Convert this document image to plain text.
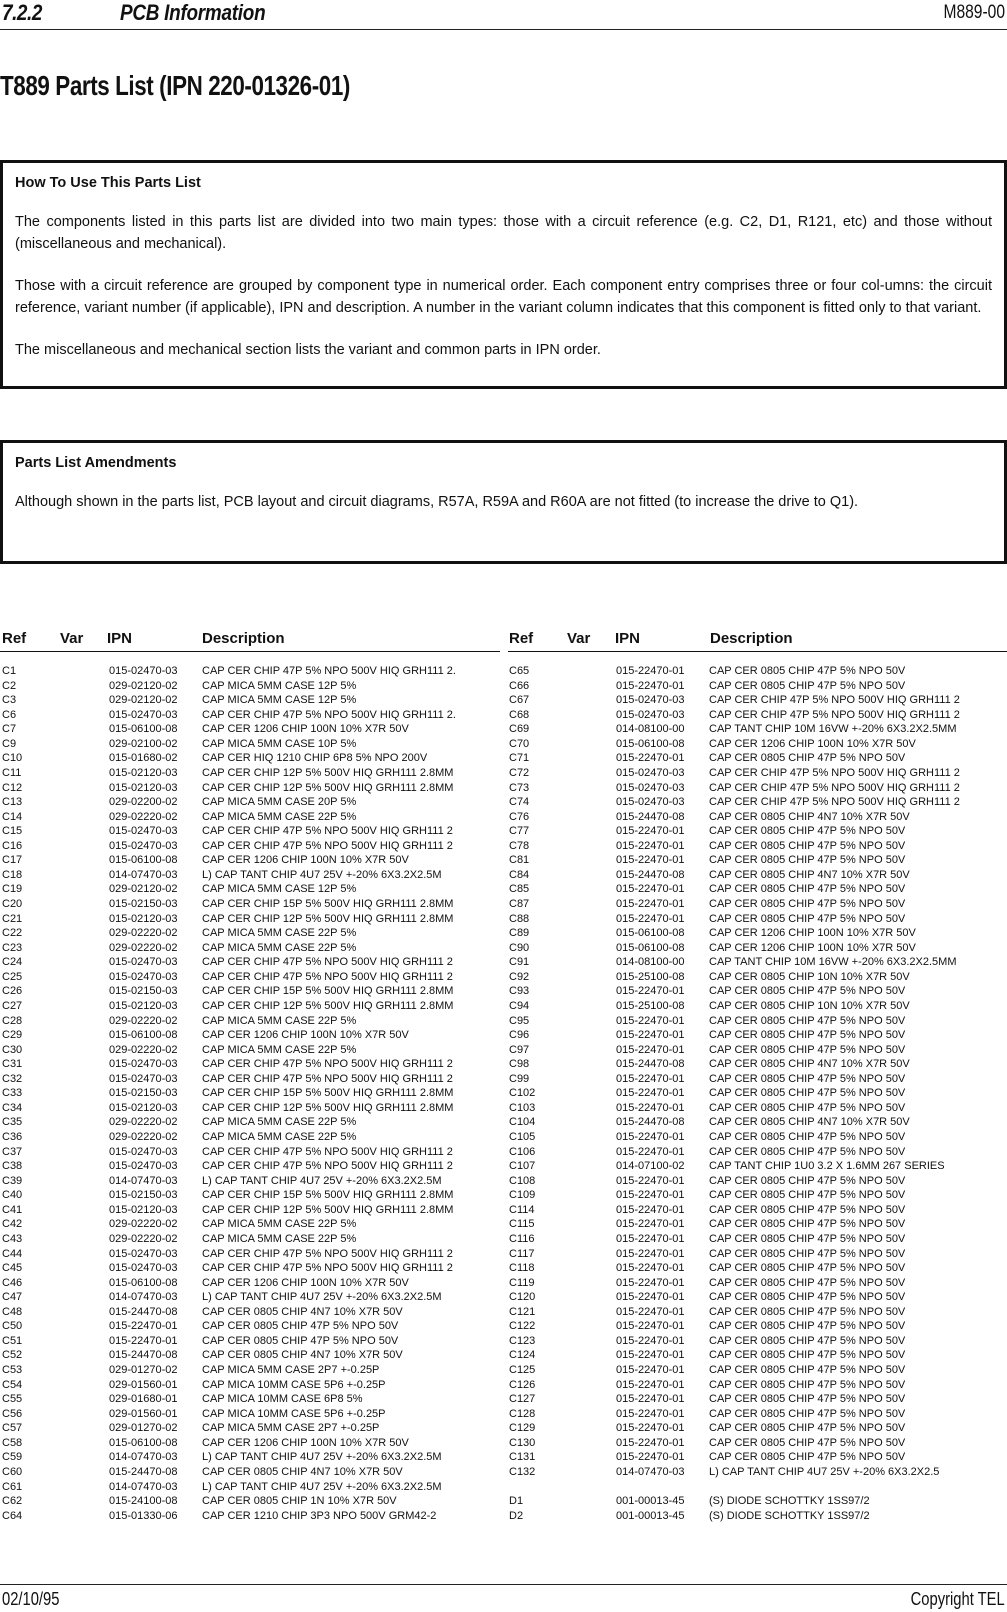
7.2.2	PCB Information	M889-00
T889 Parts List (IPN 220-01326-01)
How To Use This Parts List
The components listed in this parts list are divided into two main types: those with a circuit reference (e.g. C2, D1, R121, etc) and those without (miscellaneous and mechanical).
Those with a circuit reference are grouped by component type in numerical order. Each component entry comprises three or four col-umns: the circuit reference, variant number (if applicable), IPN and description. A number in the variant column indicates that this component is fitted only to that variant.
The miscellaneous and mechanical section lists the variant and common parts in IPN order.
Parts List Amendments
Although shown in the parts list, PCB layout and circuit diagrams, R57A, R59A and R60A are not fitted (to increase the drive to Q1).
Ref Var IPN	Description	Ref Var IPN	Description
C1	015-02470-03 CAP CER CHIP 47P 5% NPO 500V HIQ GRH111 2.
C2	029-02120-02 CAP MICA 5MM CASE 12P 5%
C3	029-02120-02 CAP MICA 5MM CASE 12P 5%
C6	015-02470-03 CAP CER CHIP 47P 5% NPO 500V HIQ GRH111 2.
C7	015-06100-08 CAP CER 1206 CHIP 100N 10% X7R 50V
C9	029-02100-02 CAP MICA 5MM CASE 10P 5%
C10	015-01680-02 CAP CER HIQ 1210 CHIP 6P8 5% NPO 200V
C11	015-02120-03 CAP CER CHIP 12P 5% 500V HIQ GRH111 2.8MM
C12	015-02120-03 CAP CER CHIP 12P 5% 500V HIQ GRH111 2.8MM
C13	029-02200-02 CAP MICA 5MM CASE 20P 5%
C14	029-02220-02 CAP MICA 5MM CASE 22P 5%
C15	015-02470-03 CAP CER CHIP 47P 5% NPO 500V HIQ GRH111 2
C16	015-02470-03 CAP CER CHIP 47P 5% NPO 500V HIQ GRH111 2
C17	015-06100-08 CAP CER 1206 CHIP 100N 10% X7R 50V
C18	014-07470-03 L) CAP TANT CHIP 4U7 25V +-20% 6X3.2X2.5M
C19	029-02120-02 CAP MICA 5MM CASE 12P 5%
C20	015-02150-03 CAP CER CHIP 15P 5% 500V HIQ GRH111 2.8MM
C21	015-02120-03 CAP CER CHIP 12P 5% 500V HIQ GRH111 2.8MM
C22	029-02220-02 CAP MICA 5MM CASE 22P 5%
C23	029-02220-02 CAP MICA 5MM CASE 22P 5%
C24	015-02470-03 CAP CER CHIP 47P 5% NPO 500V HIQ GRH111 2
C25	015-02470-03 CAP CER CHIP 47P 5% NPO 500V HIQ GRH111 2
C26	015-02150-03 CAP CER CHIP 15P 5% 500V HIQ GRH111 2.8MM
C27	015-02120-03 CAP CER CHIP 12P 5% 500V HIQ GRH111 2.8MM
C28	029-02220-02 CAP MICA 5MM CASE 22P 5%
C29	015-06100-08 CAP CER 1206 CHIP 100N 10% X7R 50V
C30	029-02220-02 CAP MICA 5MM CASE 22P 5%
C31	015-02470-03 CAP CER CHIP 47P 5% NPO 500V HIQ GRH111 2
C32	015-02470-03 CAP CER CHIP 47P 5% NPO 500V HIQ GRH111 2
C33	015-02150-03 CAP CER CHIP 15P 5% 500V HIQ GRH111 2.8MM
C34	015-02120-03 CAP CER CHIP 12P 5% 500V HIQ GRH111 2.8MM
C35	029-02220-02 CAP MICA 5MM CASE 22P 5%
C36	029-02220-02 CAP MICA 5MM CASE 22P 5%
C37	015-02470-03 CAP CER CHIP 47P 5% NPO 500V HIQ GRH111 2
C38	015-02470-03 CAP CER CHIP 47P 5% NPO 500V HIQ GRH111 2
C39	014-07470-03 L) CAP TANT CHIP 4U7 25V +-20% 6X3.2X2.5M
C40	015-02150-03 CAP CER CHIP 15P 5% 500V HIQ GRH111 2.8MM
C41	015-02120-03 CAP CER CHIP 12P 5% 500V HIQ GRH111 2.8MM
C42	029-02220-02 CAP MICA 5MM CASE 22P 5%
C43	029-02220-02 CAP MICA 5MM CASE 22P 5%
C44	015-02470-03 CAP CER CHIP 47P 5% NPO 500V HIQ GRH111 2
C45	015-02470-03 CAP CER CHIP 47P 5% NPO 500V HIQ GRH111 2
C46	015-06100-08 CAP CER 1206 CHIP 100N 10% X7R 50V
C47	014-07470-03 L) CAP TANT CHIP 4U7 25V +-20% 6X3.2X2.5M
C48	015-24470-08 CAP CER 0805 CHIP 4N7 10% X7R 50V
C50	015-22470-01 CAP CER 0805 CHIP 47P 5% NPO 50V
C51	015-22470-01 CAP CER 0805 CHIP 47P 5% NPO 50V
C52	015-24470-08 CAP CER 0805 CHIP 4N7 10% X7R 50V
C53	029-01270-02 CAP MICA 5MM CASE 2P7 +-0.25P
C54	029-01560-01 CAP MICA 10MM CASE 5P6 +-0.25P
C55	029-01680-01 CAP MICA 10MM CASE 6P8 5%
C56	029-01560-01 CAP MICA 10MM CASE 5P6 +-0.25P
C57	029-01270-02 CAP MICA 5MM CASE 2P7 +-0.25P
C58	015-06100-08 CAP CER 1206 CHIP 100N 10% X7R 50V
C59	014-07470-03 L) CAP TANT CHIP 4U7 25V +-20% 6X3.2X2.5M
C60	015-24470-08 CAP CER 0805 CHIP 4N7 10% X7R 50V
C61	014-07470-03 L) CAP TANT CHIP 4U7 25V +-20% 6X3.2X2.5M
C62	015-24100-08 CAP CER 0805 CHIP 1N 10% X7R 50V
C64	015-01330-06 CAP CER 1210 CHIP 3P3 NPO 500V GRM42-2
C65	015-22470-01 CAP CER 0805 CHIP 47P 5% NPO 50V
C66	015-22470-01 CAP CER 0805 CHIP 47P 5% NPO 50V
C67	015-02470-03 CAP CER CHIP 47P 5% NPO 500V HIQ GRH111 2
C68	015-02470-03 CAP CER CHIP 47P 5% NPO 500V HIQ GRH111 2
C69	014-08100-00 CAP TANT CHIP 10M 16VW +-20% 6X3.2X2.5MM
C70	015-06100-08 CAP CER 1206 CHIP 100N 10% X7R 50V
C71	015-22470-01 CAP CER 0805 CHIP 47P 5% NPO 50V
C72	015-02470-03 CAP CER CHIP 47P 5% NPO 500V HIQ GRH111 2
C73	015-02470-03 CAP CER CHIP 47P 5% NPO 500V HIQ GRH111 2
C74	015-02470-03 CAP CER CHIP 47P 5% NPO 500V HIQ GRH111 2
C76	015-24470-08 CAP CER 0805 CHIP 4N7 10% X7R 50V
C77	015-22470-01 CAP CER 0805 CHIP 47P 5% NPO 50V
C78	015-22470-01 CAP CER 0805 CHIP 47P 5% NPO 50V
C81	015-22470-01 CAP CER 0805 CHIP 47P 5% NPO 50V
C84	015-24470-08 CAP CER 0805 CHIP 4N7 10% X7R 50V
C85	015-22470-01 CAP CER 0805 CHIP 47P 5% NPO 50V
C87	015-22470-01 CAP CER 0805 CHIP 47P 5% NPO 50V
C88	015-22470-01 CAP CER 0805 CHIP 47P 5% NPO 50V
C89	015-06100-08 CAP CER 1206 CHIP 100N 10% X7R 50V
C90	015-06100-08 CAP CER 1206 CHIP 100N 10% X7R 50V
C91	014-08100-00 CAP TANT CHIP 10M 16VW +-20% 6X3.2X2.5MM
C92	015-25100-08 CAP CER 0805 CHIP 10N 10% X7R 50V
C93	015-22470-01 CAP CER 0805 CHIP 47P 5% NPO 50V
C94	015-25100-08 CAP CER 0805 CHIP 10N 10% X7R 50V
C95	015-22470-01 CAP CER 0805 CHIP 47P 5% NPO 50V
C96	015-22470-01 CAP CER 0805 CHIP 47P 5% NPO 50V
C97	015-22470-01 CAP CER 0805 CHIP 47P 5% NPO 50V
C98	015-24470-08 CAP CER 0805 CHIP 4N7 10% X7R 50V
C99	015-22470-01 CAP CER 0805 CHIP 47P 5% NPO 50V
C102	015-22470-01 CAP CER 0805 CHIP 47P 5% NPO 50V
C103	015-22470-01 CAP CER 0805 CHIP 47P 5% NPO 50V
C104	015-24470-08 CAP CER 0805 CHIP 4N7 10% X7R 50V
C105	015-22470-01 CAP CER 0805 CHIP 47P 5% NPO 50V
C106	015-22470-01 CAP CER 0805 CHIP 47P 5% NPO 50V
C107	014-07100-02 CAP TANT CHIP 1U0 3.2 X 1.6MM 267 SERIES
C108	015-22470-01 CAP CER 0805 CHIP 47P 5% NPO 50V
C109	015-22470-01 CAP CER 0805 CHIP 47P 5% NPO 50V
C114	015-22470-01 CAP CER 0805 CHIP 47P 5% NPO 50V
C115	015-22470-01 CAP CER 0805 CHIP 47P 5% NPO 50V
C116	015-22470-01 CAP CER 0805 CHIP 47P 5% NPO 50V
C117	015-22470-01 CAP CER 0805 CHIP 47P 5% NPO 50V
C118	015-22470-01 CAP CER 0805 CHIP 47P 5% NPO 50V
C119	015-22470-01 CAP CER 0805 CHIP 47P 5% NPO 50V
C120	015-22470-01 CAP CER 0805 CHIP 47P 5% NPO 50V
C121	015-22470-01 CAP CER 0805 CHIP 47P 5% NPO 50V
C122	015-22470-01 CAP CER 0805 CHIP 47P 5% NPO 50V
C123	015-22470-01 CAP CER 0805 CHIP 47P 5% NPO 50V
C124	015-22470-01 CAP CER 0805 CHIP 47P 5% NPO 50V
C125	015-22470-01 CAP CER 0805 CHIP 47P 5% NPO 50V
C126	015-22470-01 CAP CER 0805 CHIP 47P 5% NPO 50V
C127	015-22470-01 CAP CER 0805 CHIP 47P 5% NPO 50V
C128	015-22470-01 CAP CER 0805 CHIP 47P 5% NPO 50V
C129	015-22470-01 CAP CER 0805 CHIP 47P 5% NPO 50V
C130	015-22470-01 CAP CER 0805 CHIP 47P 5% NPO 50V
C131	015-22470-01 CAP CER 0805 CHIP 47P 5% NPO 50V
C132	014-07470-03 L) CAP TANT CHIP 4U7 25V +-20% 6X3.2X2.5
D1	001-00013-45 (S) DIODE SCHOTTKY 1SS97/2
D2	001-00013-45 (S) DIODE SCHOTTKY 1SS97/2
02/10/95	Copyright TEL
